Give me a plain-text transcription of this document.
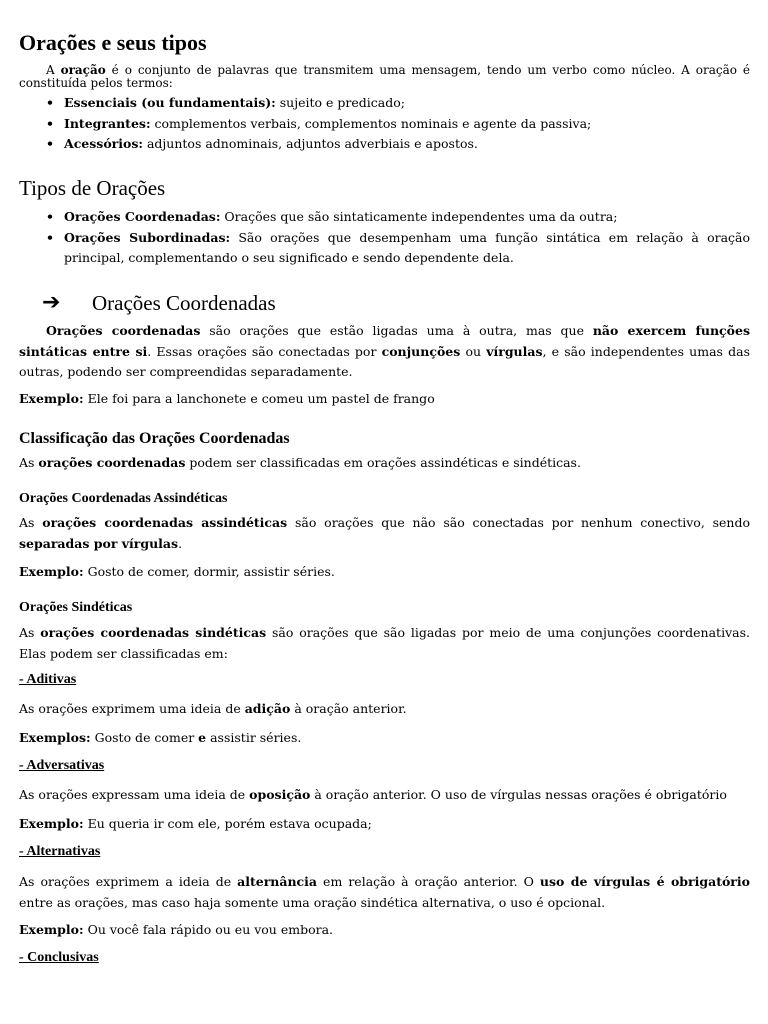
Orações e seus tipos

A oração é o conjunto de palavras que transmitem uma mensagem, tendo um verbo como núcleo. A oração é constituída pelos termos:

• Essenciais (ou fundamentais): sujeito e predicado;
• Integrantes: complementos verbais, complementos nominais e agente da passiva;
• Acessórios: adjuntos adnominais, adjuntos adverbiais e apostos.
Tipos de Orações
• Orações Coordenadas: Orações que são sintaticamente independentes uma da outra;
• Orações Subordinadas: São orações que desempenham uma função sintática em relação à oração principal, complementando o seu significado e sendo dependente dela.
➔ Orações Coordenadas

Orações coordenadas são orações que estão ligadas uma à outra, mas que não exercem funções sintáticas entre si. Essas orações são conectadas por conjunções ou vírgulas, e são independentes umas das outras, podendo ser compreendidas separadamente.

Exemplo: Ele foi para a lanchonete e comeu um pastel de frango

Classificação das Orações Coordenadas

As orações coordenadas podem ser classificadas em orações assindéticas e sindéticas.

Orações Coordenadas Assindéticas

As orações coordenadas assindéticas são orações que não são conectadas por nenhum conectivo, sendo separadas por vírgulas.

Exemplo: Gosto de comer, dormir, assistir séries.

Orações Sindéticas

As orações coordenadas sindéticas são orações que são ligadas por meio de uma conjunções coordenativas. Elas podem ser classificadas em:

- Aditivas

As orações exprimem uma ideia de adição à oração anterior.

Exemplos: Gosto de comer e assistir séries.

- Adversativas

As orações expressam uma ideia de oposição à oração anterior. O uso de vírgulas nessas orações é obrigatório

Exemplo: Eu queria ir com ele, porém estava ocupada;

- Alternativas

As orações exprimem a ideia de alternância em relação à oração anterior. O uso de vírgulas é obrigatório entre as orações, mas caso haja somente uma oração sindética alternativa, o uso é opcional.

Exemplo: Ou você fala rápido ou eu vou embora.

- Conclusivas
